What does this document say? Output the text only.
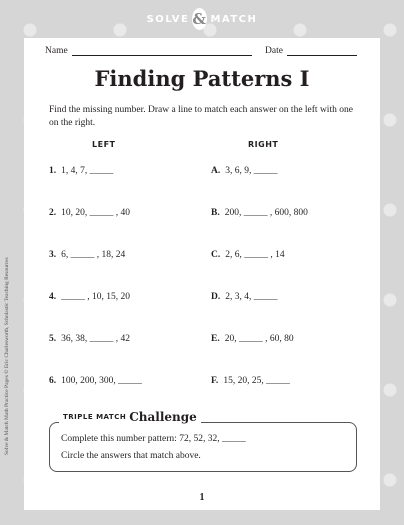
SOLVE & MATCH
Solve & Match Math Practice Pages © Eric Charlesworth, Scholastic Teaching Resources
Name	Date
Finding Patterns I
Find the missing number. Draw a line to match each answer on the left with one on the right.
LEFT	RIGHT
1. 1, 4, 7, _____
2. 10, 20, _____ , 40
3. 6, _____ , 18, 24
4. _____ , 10, 15, 20
5. 36, 38, _____ , 42
6. 100, 200, 300, _____
A. 3, 6, 9, _____
B. 200, _____ , 600, 800
C. 2, 6, _____ , 14
D. 2, 3, 4, _____
E. 20, _____ , 60, 80
F. 15, 20, 25, _____
TRIPLE MATCH Challenge
Complete this number pattern: 72, 52, 32, _____
Circle the answers that match above.
1
